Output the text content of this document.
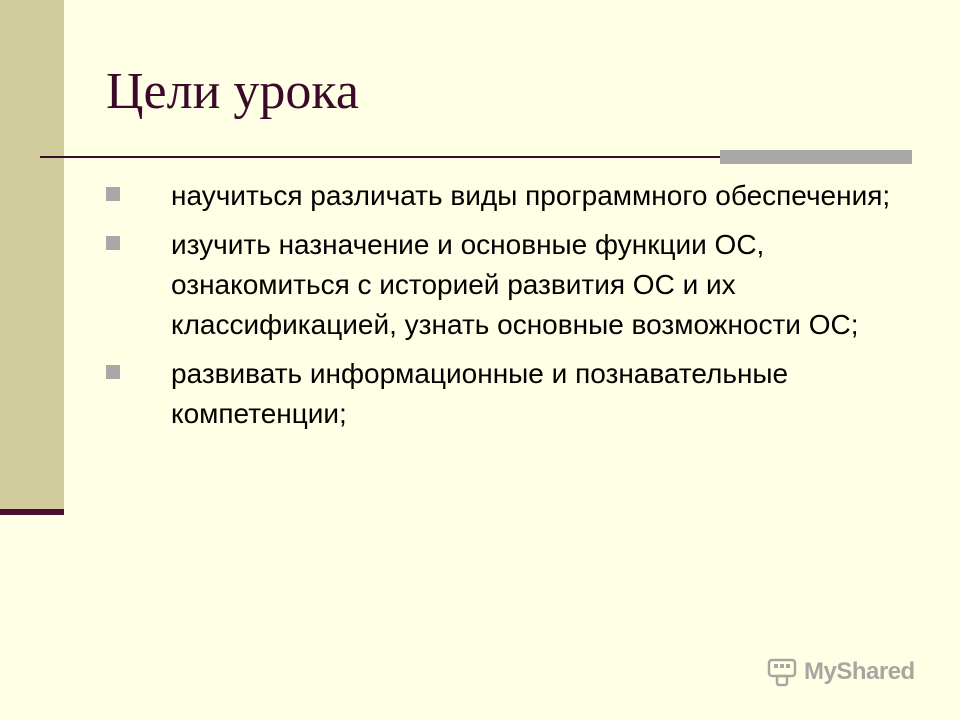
Цели урока
научиться различать виды программного обеспечения;
изучить назначение и основные функции ОС, ознакомиться с историей развития ОС и их классификацией, узнать основные возможности ОС;
развивать информационные и познавательные компетенции;
MyShared
